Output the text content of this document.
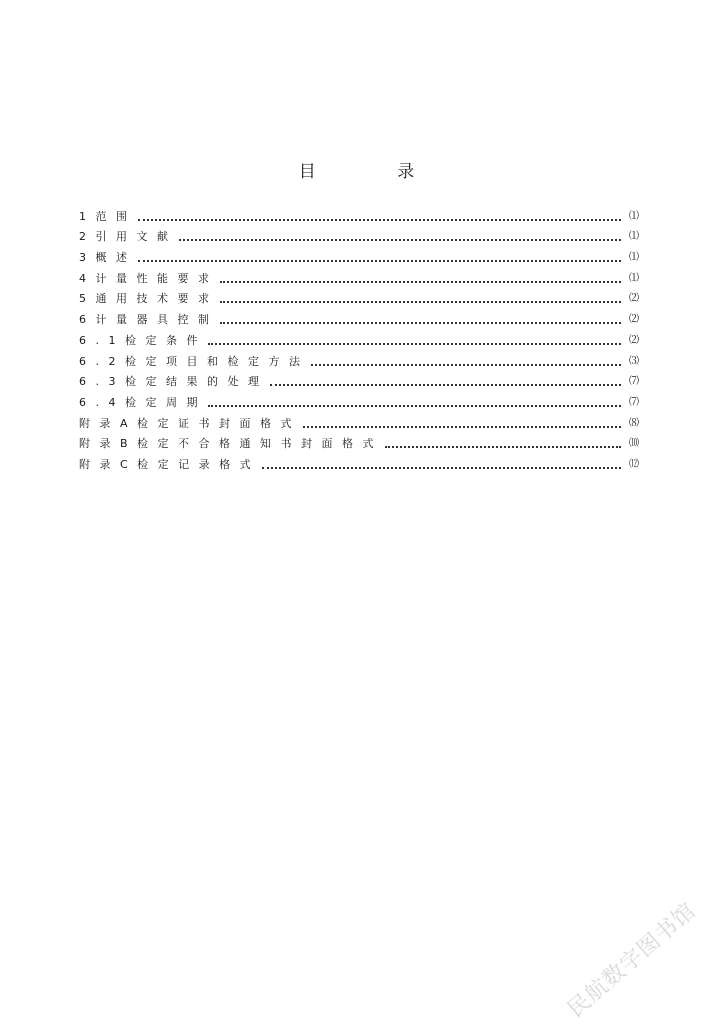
目 录
1 范 围	⑴
2 引 用 文 献	⑴
3 概 述	⑴
4 计 量 性 能 要 求	⑴
5 通 用 技 术 要 求	⑵
6 计 量 器 具 控 制	⑵
6 . 1 检 定 条 件	⑵
6 . 2 检 定 项 目 和 检 定 方 法	⑶
6 . 3 检 定 结 果 的 处 理	⑺
6 . 4 检 定 周 期	⑺
附 录 A 检 定 证 书 封 面 格 式	⑻
附 录 B 检 定 不 合 格 通 知 书 封 面 格 式	⑽
附 录 C 检 定 记 录 格 式	⑿
民航数字图书馆
